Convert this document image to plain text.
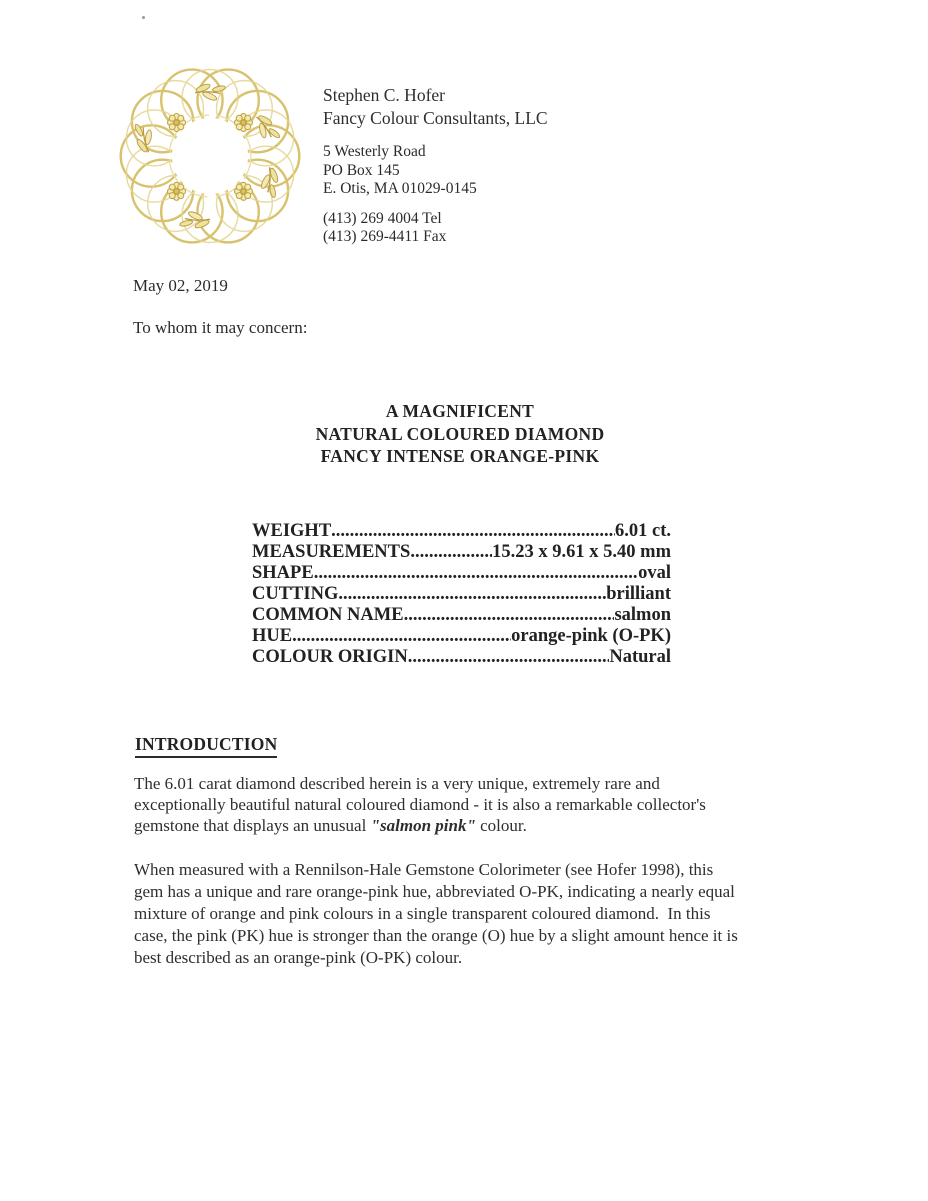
Stephen C. Hofer
Fancy Colour Consultants, LLC
5 Westerly Road
PO Box 145
E. Otis, MA 01029-0145
(413) 269 4004 Tel
(413) 269-4411 Fax
May 02, 2019
To whom it may concern:
A MAGNIFICENT
NATURAL COLOURED DIAMOND
FANCY INTENSE ORANGE-PINK
WEIGHT .....	6.01 ct.
MEASUREMENTS .....	15.23 x 9.61 x 5.40 mm
SHAPE .....	oval
CUTTING .....	brilliant
COMMON NAME .....	salmon
HUE .....	orange-pink (O-PK)
COLOUR ORIGIN .....	Natural
INTRODUCTION
The 6.01 carat diamond described herein is a very unique, extremely rare and
exceptionally beautiful natural coloured diamond - it is also a remarkable collector's
gemstone that displays an unusual "salmon pink" colour.
When measured with a Rennilson-Hale Gemstone Colorimeter (see Hofer 1998), this
gem has a unique and rare orange-pink hue, abbreviated O-PK, indicating a nearly equal
mixture of orange and pink colours in a single transparent coloured diamond.  In this
case, the pink (PK) hue is stronger than the orange (O) hue by a slight amount hence it is
best described as an orange-pink (O-PK) colour.
